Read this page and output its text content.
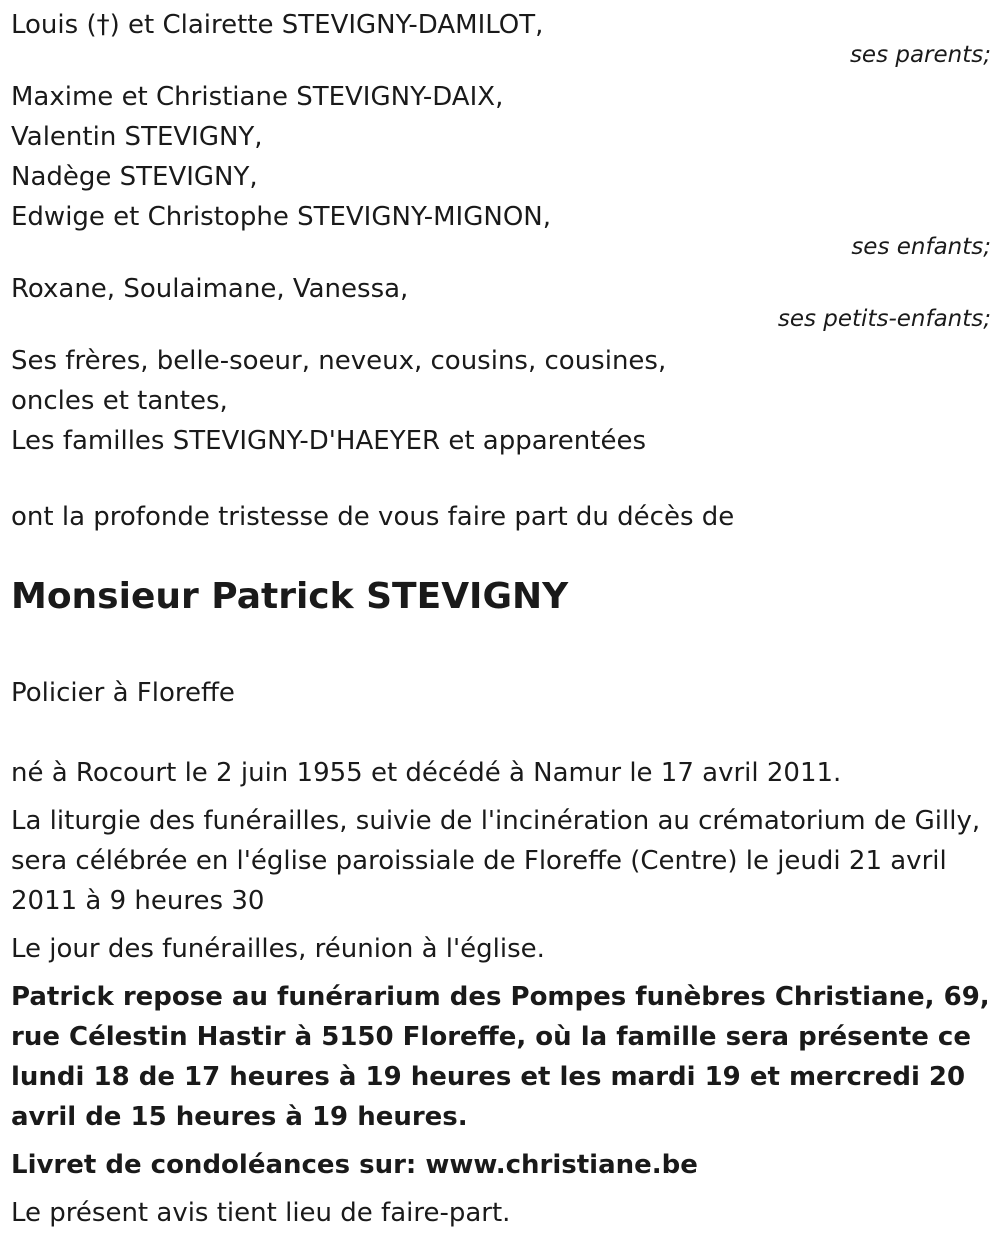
Louis (†) et Clairette STEVIGNY-DAMILOT,
ses parents;
Maxime et Christiane STEVIGNY-DAIX,
Valentin STEVIGNY,
Nadège STEVIGNY,
Edwige et Christophe STEVIGNY-MIGNON,
ses enfants;
Roxane, Soulaimane, Vanessa,
ses petits-enfants;
Ses frères, belle-soeur, neveux, cousins, cousines,
oncles et tantes,
Les familles STEVIGNY-D'HAEYER et apparentées
ont la profonde tristesse de vous faire part du décès de
Monsieur Patrick STEVIGNY
Policier à Floreffe
né à Rocourt le 2 juin 1955 et décédé à Namur le 17 avril 2011.
La liturgie des funérailles, suivie de l'incinération au crématorium de Gilly, sera célébrée en l'église paroissiale de Floreffe (Centre) le jeudi 21 avril 2011 à 9 heures 30
Le jour des funérailles, réunion à l'église.
Patrick repose au funérarium des Pompes funèbres Christiane, 69, rue Célestin Hastir à 5150 Floreffe, où la famille sera présente ce lundi 18 de 17 heures à 19 heures et les mardi 19 et mercredi 20 avril de 15 heures à 19 heures.
Livret de condoléances sur: www.christiane.be
Le présent avis tient lieu de faire-part.
